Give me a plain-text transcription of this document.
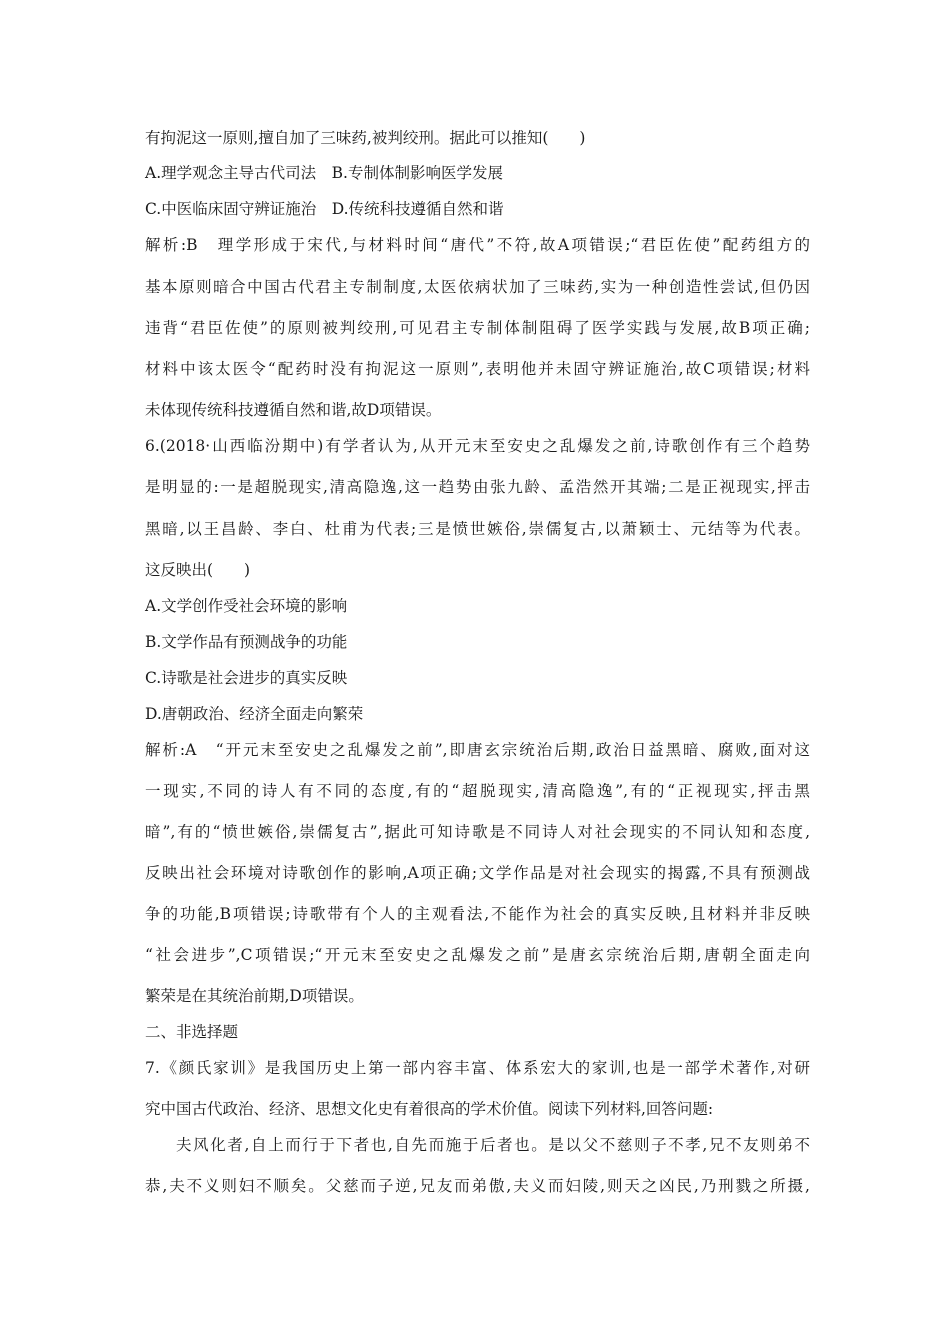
有拘泥这一原则,擅自加了三味药,被判绞刑。据此可以推知(　　)
A.理学观念主导古代司法　B.专制体制影响医学发展
C.中医临床固守辨证施治　D.传统科技遵循自然和谐
解析:B　理学形成于宋代,与材料时间“唐代”不符,故A项错误;“君臣佐使”配药组方的
基本原则暗合中国古代君主专制制度,太医依病状加了三味药,实为一种创造性尝试,但仍因
违背“君臣佐使”的原则被判绞刑,可见君主专制体制阻碍了医学实践与发展,故B项正确;
材料中该太医令“配药时没有拘泥这一原则”,表明他并未固守辨证施治,故C项错误;材料
未体现传统科技遵循自然和谐,故D项错误。
6.(2018·山西临汾期中)有学者认为,从开元末至安史之乱爆发之前,诗歌创作有三个趋势
是明显的:一是超脱现实,清高隐逸,这一趋势由张九龄、孟浩然开其端;二是正视现实,抨击
黑暗,以王昌龄、李白、杜甫为代表;三是愤世嫉俗,崇儒复古,以萧颖士、元结等为代表。
这反映出(　　)
A.文学创作受社会环境的影响
B.文学作品有预测战争的功能
C.诗歌是社会进步的真实反映
D.唐朝政治、经济全面走向繁荣
解析:A　“开元末至安史之乱爆发之前”,即唐玄宗统治后期,政治日益黑暗、腐败,面对这
一现实,不同的诗人有不同的态度,有的“超脱现实,清高隐逸”,有的“正视现实,抨击黑
暗”,有的“愤世嫉俗,崇儒复古”,据此可知诗歌是不同诗人对社会现实的不同认知和态度,
反映出社会环境对诗歌创作的影响,A项正确;文学作品是对社会现实的揭露,不具有预测战
争的功能,B项错误;诗歌带有个人的主观看法,不能作为社会的真实反映,且材料并非反映
“社会进步”,C项错误;“开元末至安史之乱爆发之前”是唐玄宗统治后期,唐朝全面走向
繁荣是在其统治前期,D项错误。
二、非选择题
7.《颜氏家训》是我国历史上第一部内容丰富、体系宏大的家训,也是一部学术著作,对研
究中国古代政治、经济、思想文化史有着很高的学术价值。阅读下列材料,回答问题:
夫风化者,自上而行于下者也,自先而施于后者也。是以父不慈则子不孝,兄不友则弟不
恭,夫不义则妇不顺矣。父慈而子逆,兄友而弟傲,夫义而妇陵,则天之凶民,乃刑戮之所摄,
